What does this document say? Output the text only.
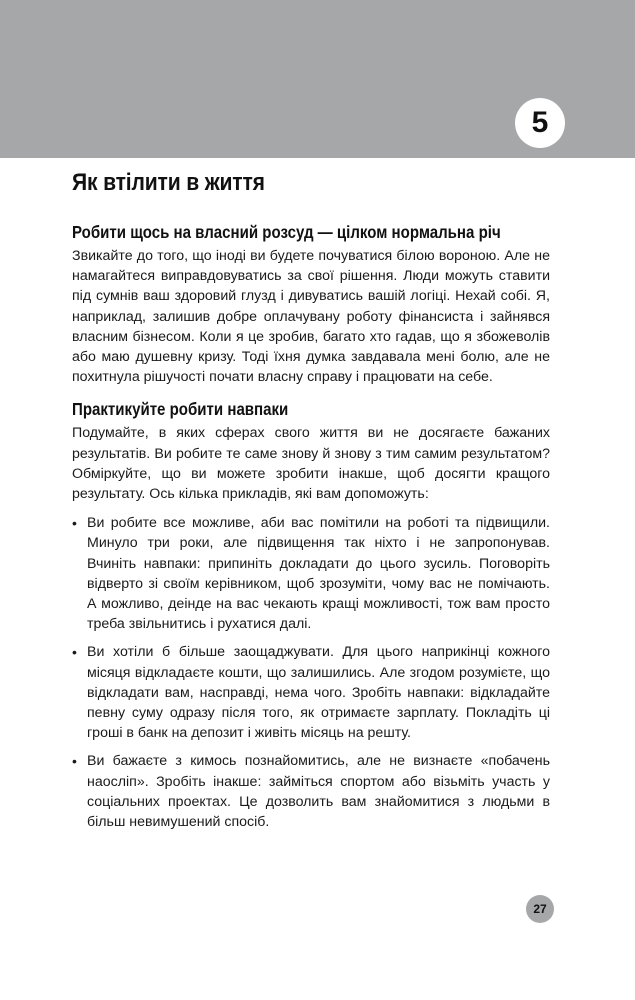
5
Як втілити в життя
Робити щось на власний розсуд — цілком нормальна річ

Звикайте до того, що іноді ви будете почуватися білою вороною. Але не намагайтеся виправдовуватись за свої рішення. Люди можуть ставити під сумнів ваш здоровий глузд і дивуватись вашій логіці. Нехай собі. Я, наприклад, залишив добре оплачувану роботу фінансиста і зайнявся власним бізнесом. Коли я це зробив, багато хто гадав, що я збожеволів або маю душевну кризу. Тоді їхня думка завдавала мені болю, але не похитнула рішучості почати власну справу і працювати на себе.

Практикуйте робити навпаки

Подумайте, в яких сферах свого життя ви не досягаєте бажаних результатів. Ви робите те саме знову й знову з тим самим результатом? Обміркуйте, що ви можете зробити інакше, щоб досягти кращого результату. Ось кілька прикладів, які вам допоможуть:

• Ви робите все можливе, аби вас помітили на роботі та підвищили. Минуло три роки, але підвищення так ніхто і не запропонував. Вчиніть навпаки: припиніть докладати до цього зусиль. Поговоріть відверто зі своїм керівником, щоб зрозуміти, чому вас не помічають. А можливо, деінде на вас чекають кращі можливості, тож вам просто треба звільнитись і рухатися далі.
• Ви хотіли б більше заощаджувати. Для цього наприкінці кожного місяця відкладаєте кошти, що залишились. Але згодом розумієте, що відкладати вам, насправді, нема чого. Зробіть навпаки: відкладайте певну суму одразу після того, як отримаєте зарплату. Покладіть ці гроші в банк на депозит і живіть місяць на решту.
• Ви бажаєте з кимось познайомитись, але не визнаєте «побачень наосліп». Зробіть інакше: займіться спортом або візьміть участь у соціальних проектах. Це дозволить вам знайомитися з людьми в більш невимушений спосіб.
27
